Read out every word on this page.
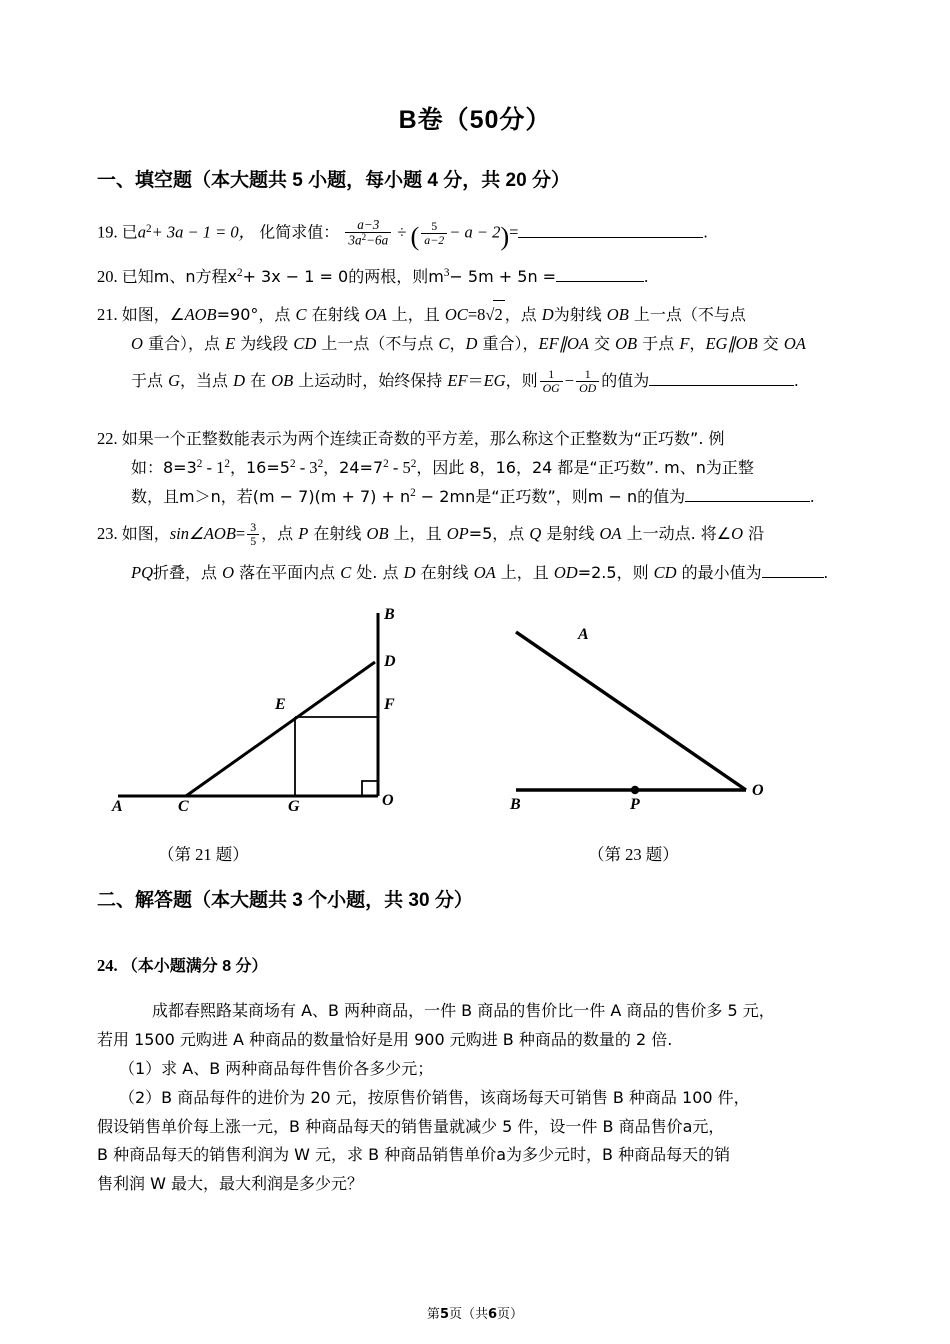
B卷（50分）
一、填空题（本大题共 5 小题，每小题 4 分，共 20 分）
19. 已$a^2+ 3a - 1 = 0$， 化简求值： $\frac{a-3}{3a^2-6a}$ ÷ ( $\frac{5}{a-2} - a - 2)=$	.
20. 已知m、n方程$x^2+ 3x - 1 = 0$的两根，则$m^3- 5m + 5n$ =	.
21. 如图，∠AOB=90°，点 C 在射线 OA 上，且 OC=8√2 ，点 D为射线 OB 上一点（不与点
O 重合），点 E 为线段 CD 上一点（不与点 C，D 重合），EF∥OA 交 OB 于点 F，EG∥OB 交 OA
于点 G，当点 D 在 OB 上运动时，始终保持 EF＝EG，则 $\frac{1}{OG} - \frac{1}{OD}$ 的值为	.
22. 如果一个正整数能表示为两个连续正奇数的平方差，那么称这个正整数为“正巧数”. 例
如：$8=3^2 - 1^2$，$16=5^2 - 3^2$，$24=7^2 - 5^2$，因此 8，16，24 都是“正巧数”. m、n为正整
数，且m＞n，若$(m - 7)(m + 7) + n^2 - 2mn$是“正巧数”，则m − n的值为	.
23. 如图，sin∠AOB= $\frac{3}{5}$ ，点 P 在射线 OB 上，且 OP=5，点 Q 是射线 OA 上一动点. 将∠O 沿
PQ折叠，点 O 落在平面内点 C 处. 点 D 在射线 OA 上，且 OD=2.5，则 CD 的最小值为	.
A	C	G	O
B
D
F
E
（第 21 题）
A
B	P
O
（第 23 题）
二、解答题（本大题共 3 个小题，共 30 分）
24. （本小题满分 8 分）
成都春熙路某商场有 A、B 两种商品，一件 B 商品的售价比一件 A 商品的售价多 5 元，
若用 1500 元购进 A 种商品的数量恰好是用 900 元购进 B 种商品的数量的 2 倍.
（1）求 A、B 两种商品每件售价各多少元；
（2）B 商品每件的进价为 20 元，按原售价销售，该商场每天可销售 B 种商品 100 件，
假设销售单价每上涨一元，B 种商品每天的销售量就减少 5 件，设一件 B 商品售价a元，
B 种商品每天的销售利润为 W 元，求 B 种商品销售单价a为多少元时，B 种商品每天的销
售利润 W 最大，最大利润是多少元？
第5页（共6页）
